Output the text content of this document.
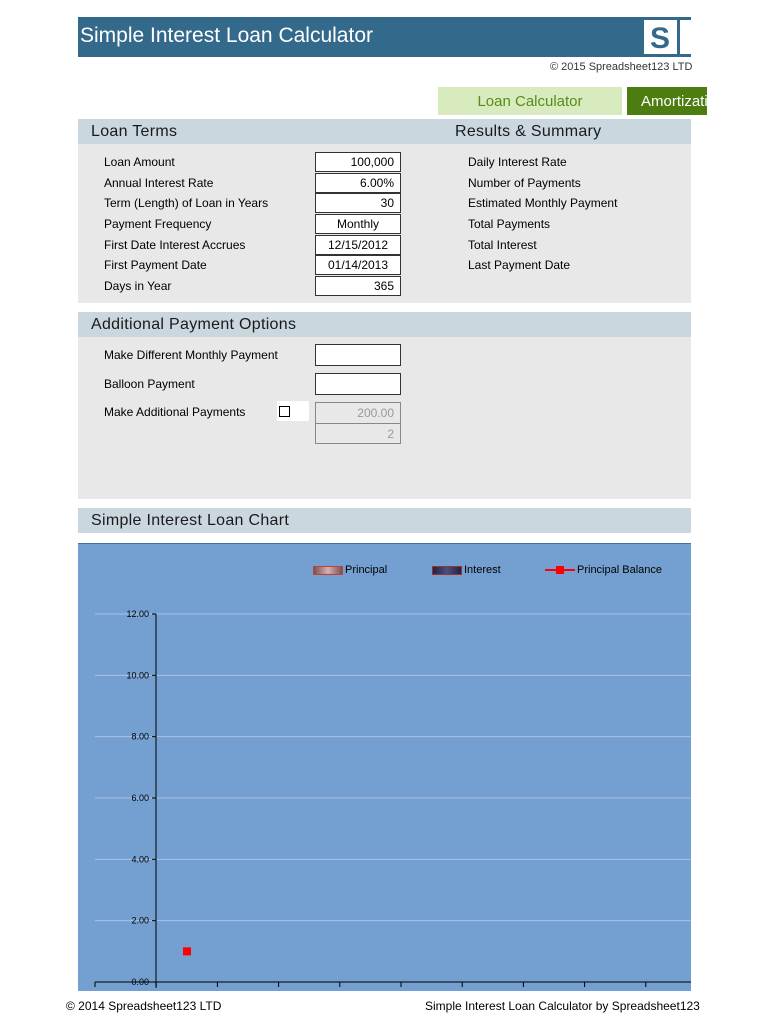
Simple Interest Loan Calculator	S
© 2015 Spreadsheet123 LTD
Loan Calculator	Amortization
Loan Terms	Results & Summary
Loan Amount	100,000
Annual Interest Rate	6.00%
Term (Length) of Loan in Years	30
Payment Frequency	Monthly
First Date Interest Accrues	12/15/2012
First Payment Date	01/14/2013
Days in Year	365
Daily Interest Rate
Number of Payments
Estimated Monthly Payment
Total Payments
Total Interest
Last Payment Date
Additional Payment Options
Make Different Monthly Payment
Balloon Payment
Make Additional Payments	200.00
2
Simple Interest Loan Chart
Principal	Interest	Principal Balance
0.00
2.00
4.00
6.00
8.00
10.00
12.00
© 2014 Spreadsheet123 LTD	Simple Interest Loan Calculator by Spreadsheet123
